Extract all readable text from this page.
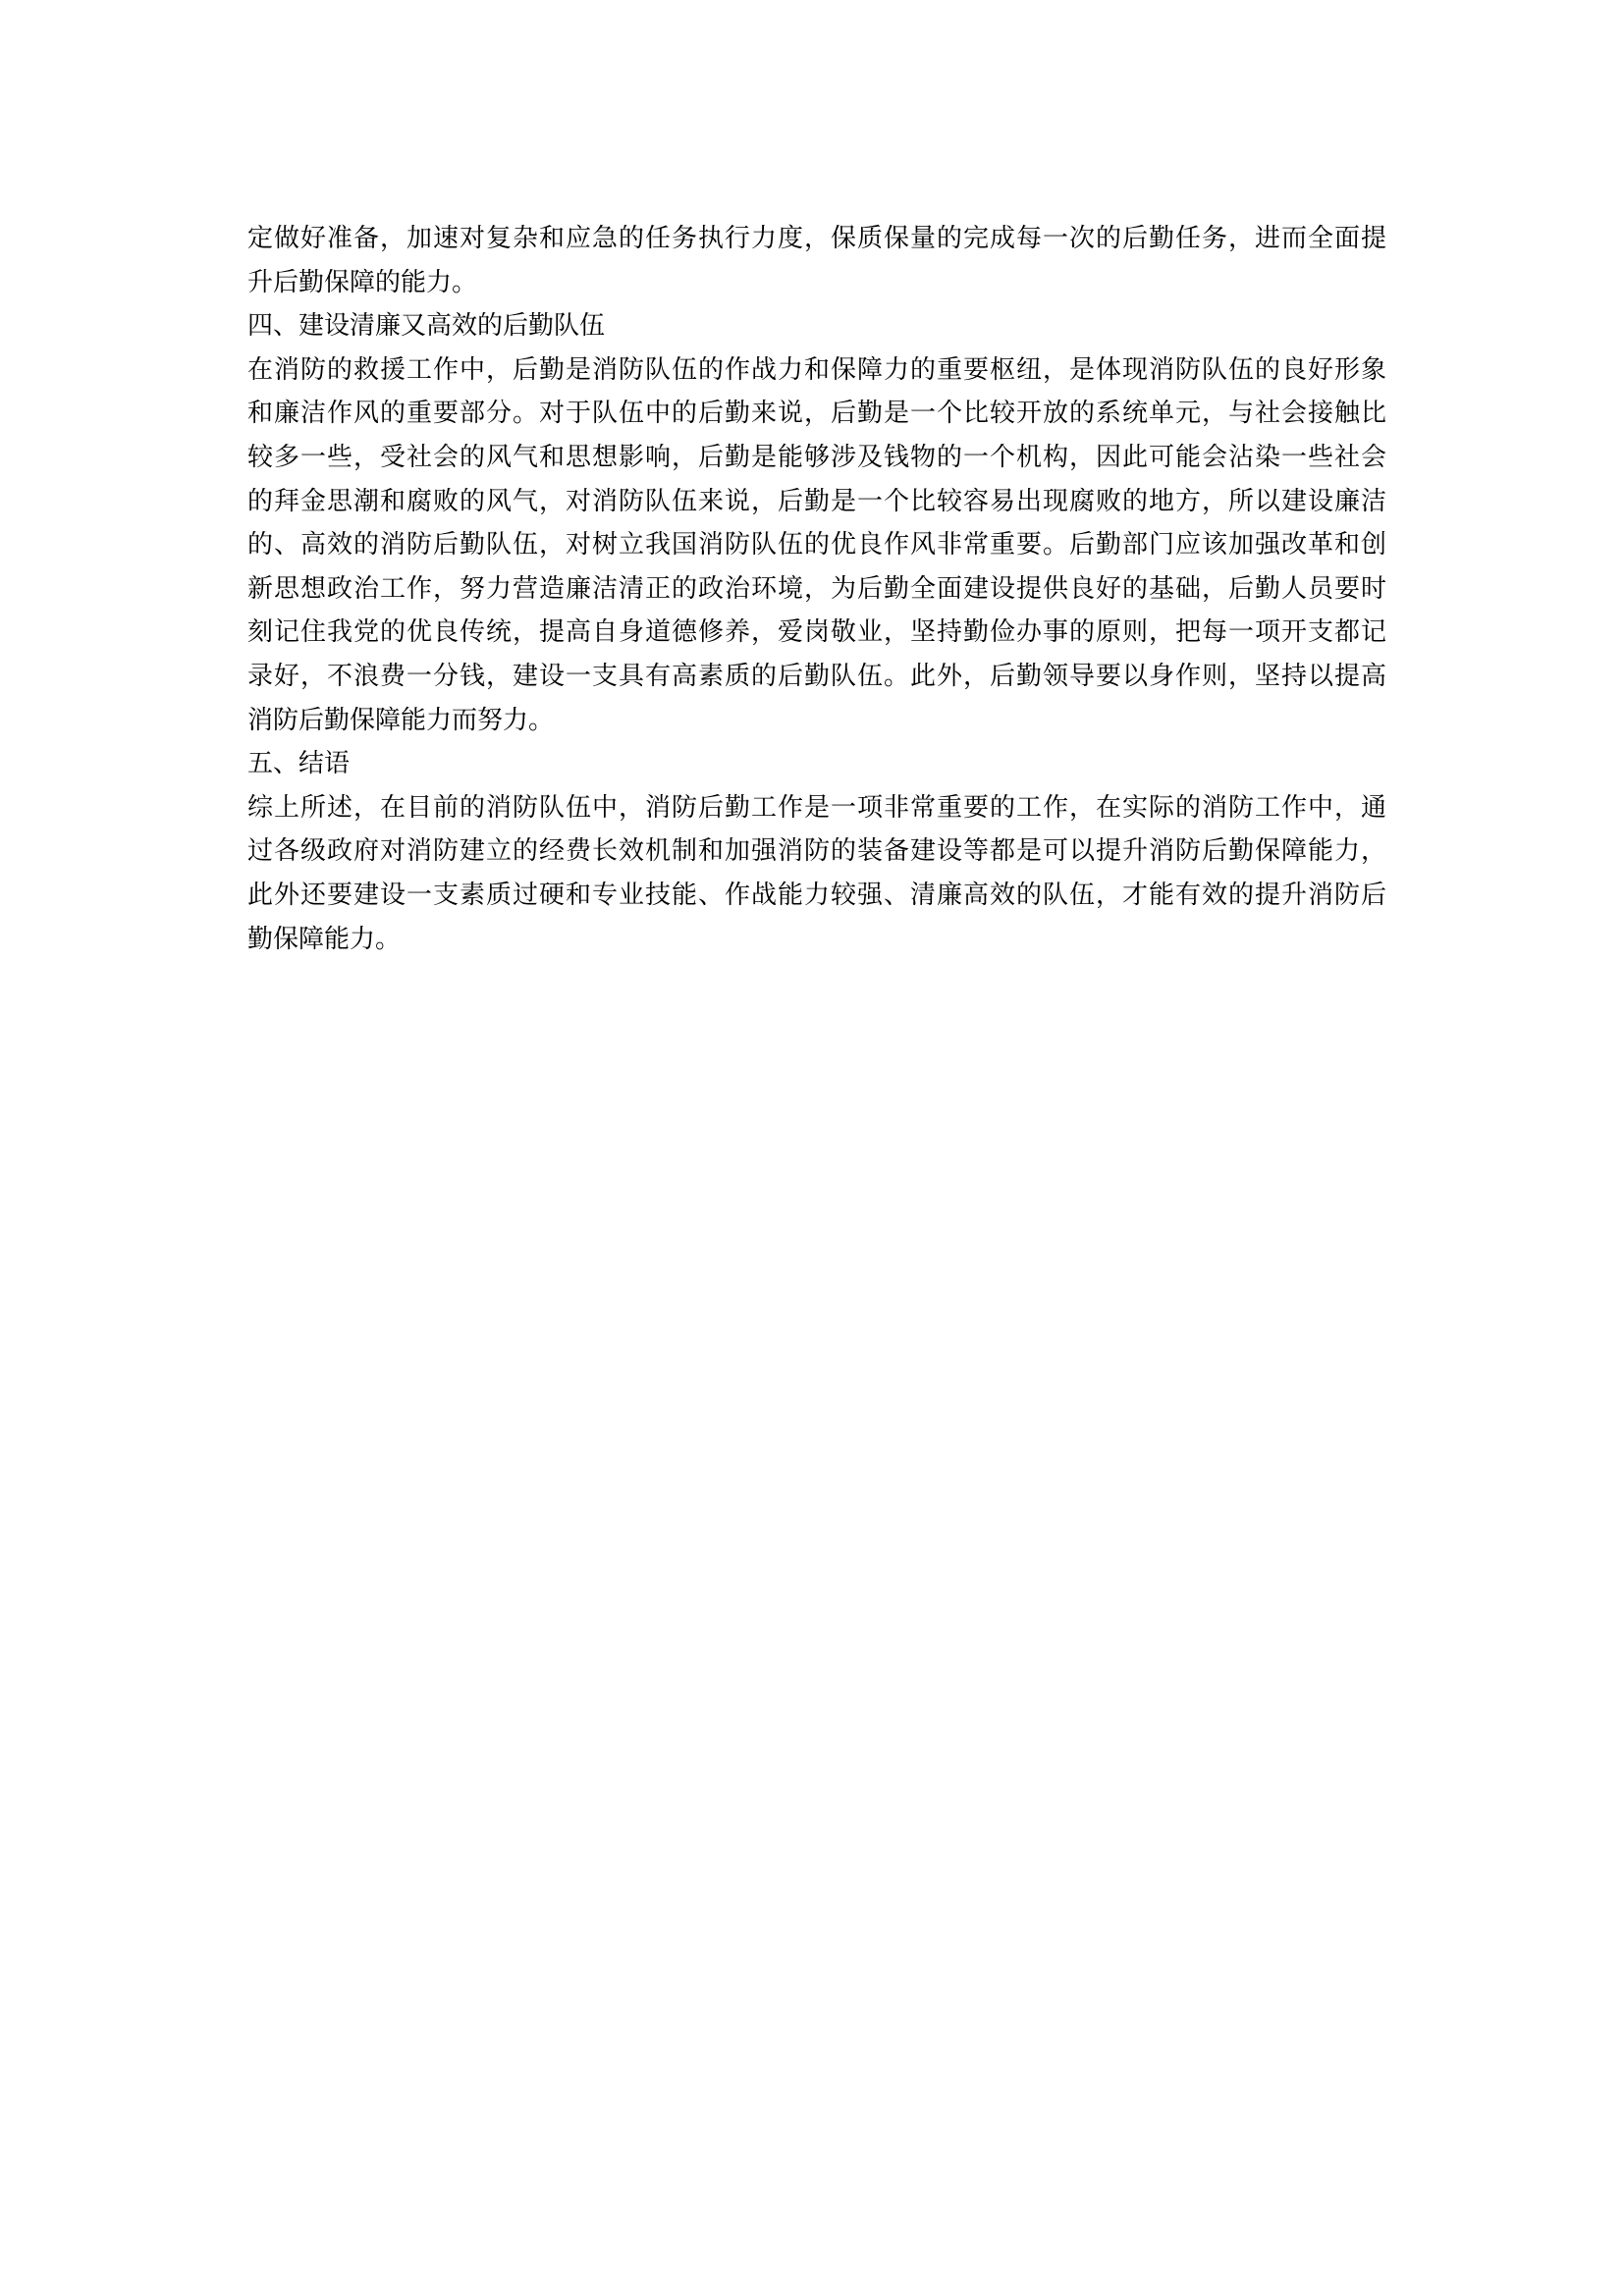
定做好准备，加速对复杂和应急的任务执行力度，保质保量的完成每一次的后勤任务，进而全面提
升后勤保障的能力。
四、建设清廉又高效的后勤队伍
在消防的救援工作中，后勤是消防队伍的作战力和保障力的重要枢纽，是体现消防队伍的良好形象
和廉洁作风的重要部分。对于队伍中的后勤来说，后勤是一个比较开放的系统单元，与社会接触比
较多一些，受社会的风气和思想影响，后勤是能够涉及钱物的一个机构，因此可能会沾染一些社会
的拜金思潮和腐败的风气，对消防队伍来说，后勤是一个比较容易出现腐败的地方，所以建设廉洁
的、高效的消防后勤队伍，对树立我国消防队伍的优良作风非常重要。后勤部门应该加强改革和创
新思想政治工作，努力营造廉洁清正的政治环境，为后勤全面建设提供良好的基础，后勤人员要时
刻记住我党的优良传统，提高自身道德修养，爱岗敬业，坚持勤俭办事的原则，把每一项开支都记
录好，不浪费一分钱，建设一支具有高素质的后勤队伍。此外，后勤领导要以身作则，坚持以提高
消防后勤保障能力而努力。
五、结语
综上所述，在目前的消防队伍中，消防后勤工作是一项非常重要的工作，在实际的消防工作中，通
过各级政府对消防建立的经费长效机制和加强消防的装备建设等都是可以提升消防后勤保障能力，
此外还要建设一支素质过硬和专业技能、作战能力较强、清廉高效的队伍，才能有效的提升消防后
勤保障能力。
